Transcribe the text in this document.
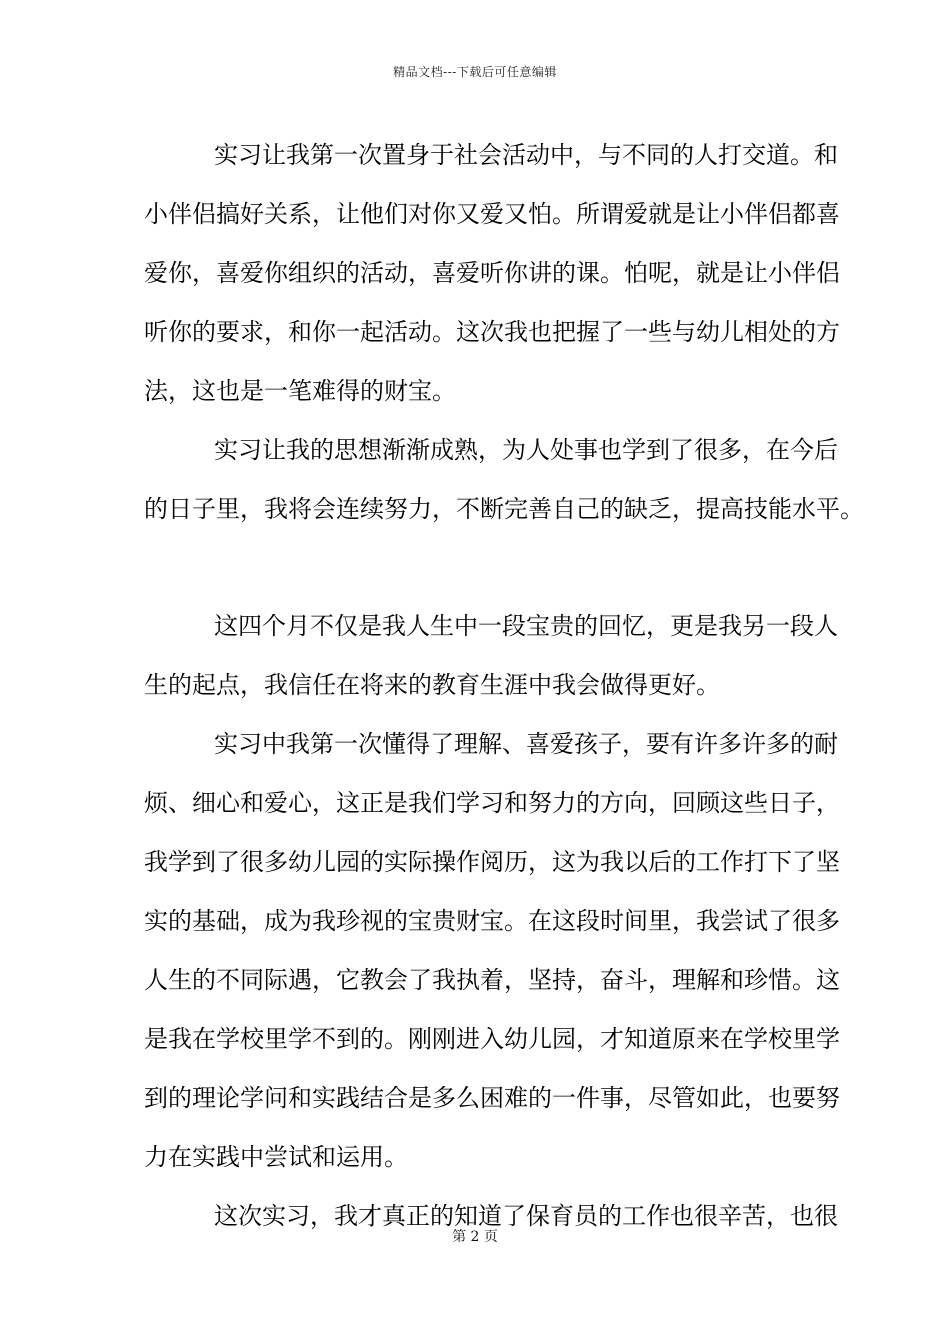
精品文档---下载后可任意编辑
实习让我第一次置身于社会活动中，与不同的人打交道。和
小伴侣搞好关系，让他们对你又爱又怕。所谓爱就是让小伴侣都喜
爱你，喜爱你组织的活动，喜爱听你讲的课。怕呢，就是让小伴侣
听你的要求，和你一起活动。这次我也把握了一些与幼儿相处的方
法，这也是一笔难得的财宝。
实习让我的思想渐渐成熟，为人处事也学到了很多，在今后
的日子里，我将会连续努力，不断完善自己的缺乏，提高技能水平。
这四个月不仅是我人生中一段宝贵的回忆，更是我另一段人
生的起点，我信任在将来的教育生涯中我会做得更好。
实习中我第一次懂得了理解、喜爱孩子，要有许多许多的耐
烦、细心和爱心，这正是我们学习和努力的方向，回顾这些日子，
我学到了很多幼儿园的实际操作阅历，这为我以后的工作打下了坚
实的基础，成为我珍视的宝贵财宝。在这段时间里，我尝试了很多
人生的不同际遇，它教会了我执着，坚持，奋斗，理解和珍惜。这
是我在学校里学不到的。刚刚进入幼儿园，才知道原来在学校里学
到的理论学问和实践结合是多么困难的一件事，尽管如此，也要努
力在实践中尝试和运用。
这次实习，我才真正的知道了保育员的工作也很辛苦，也很
第 2 页
